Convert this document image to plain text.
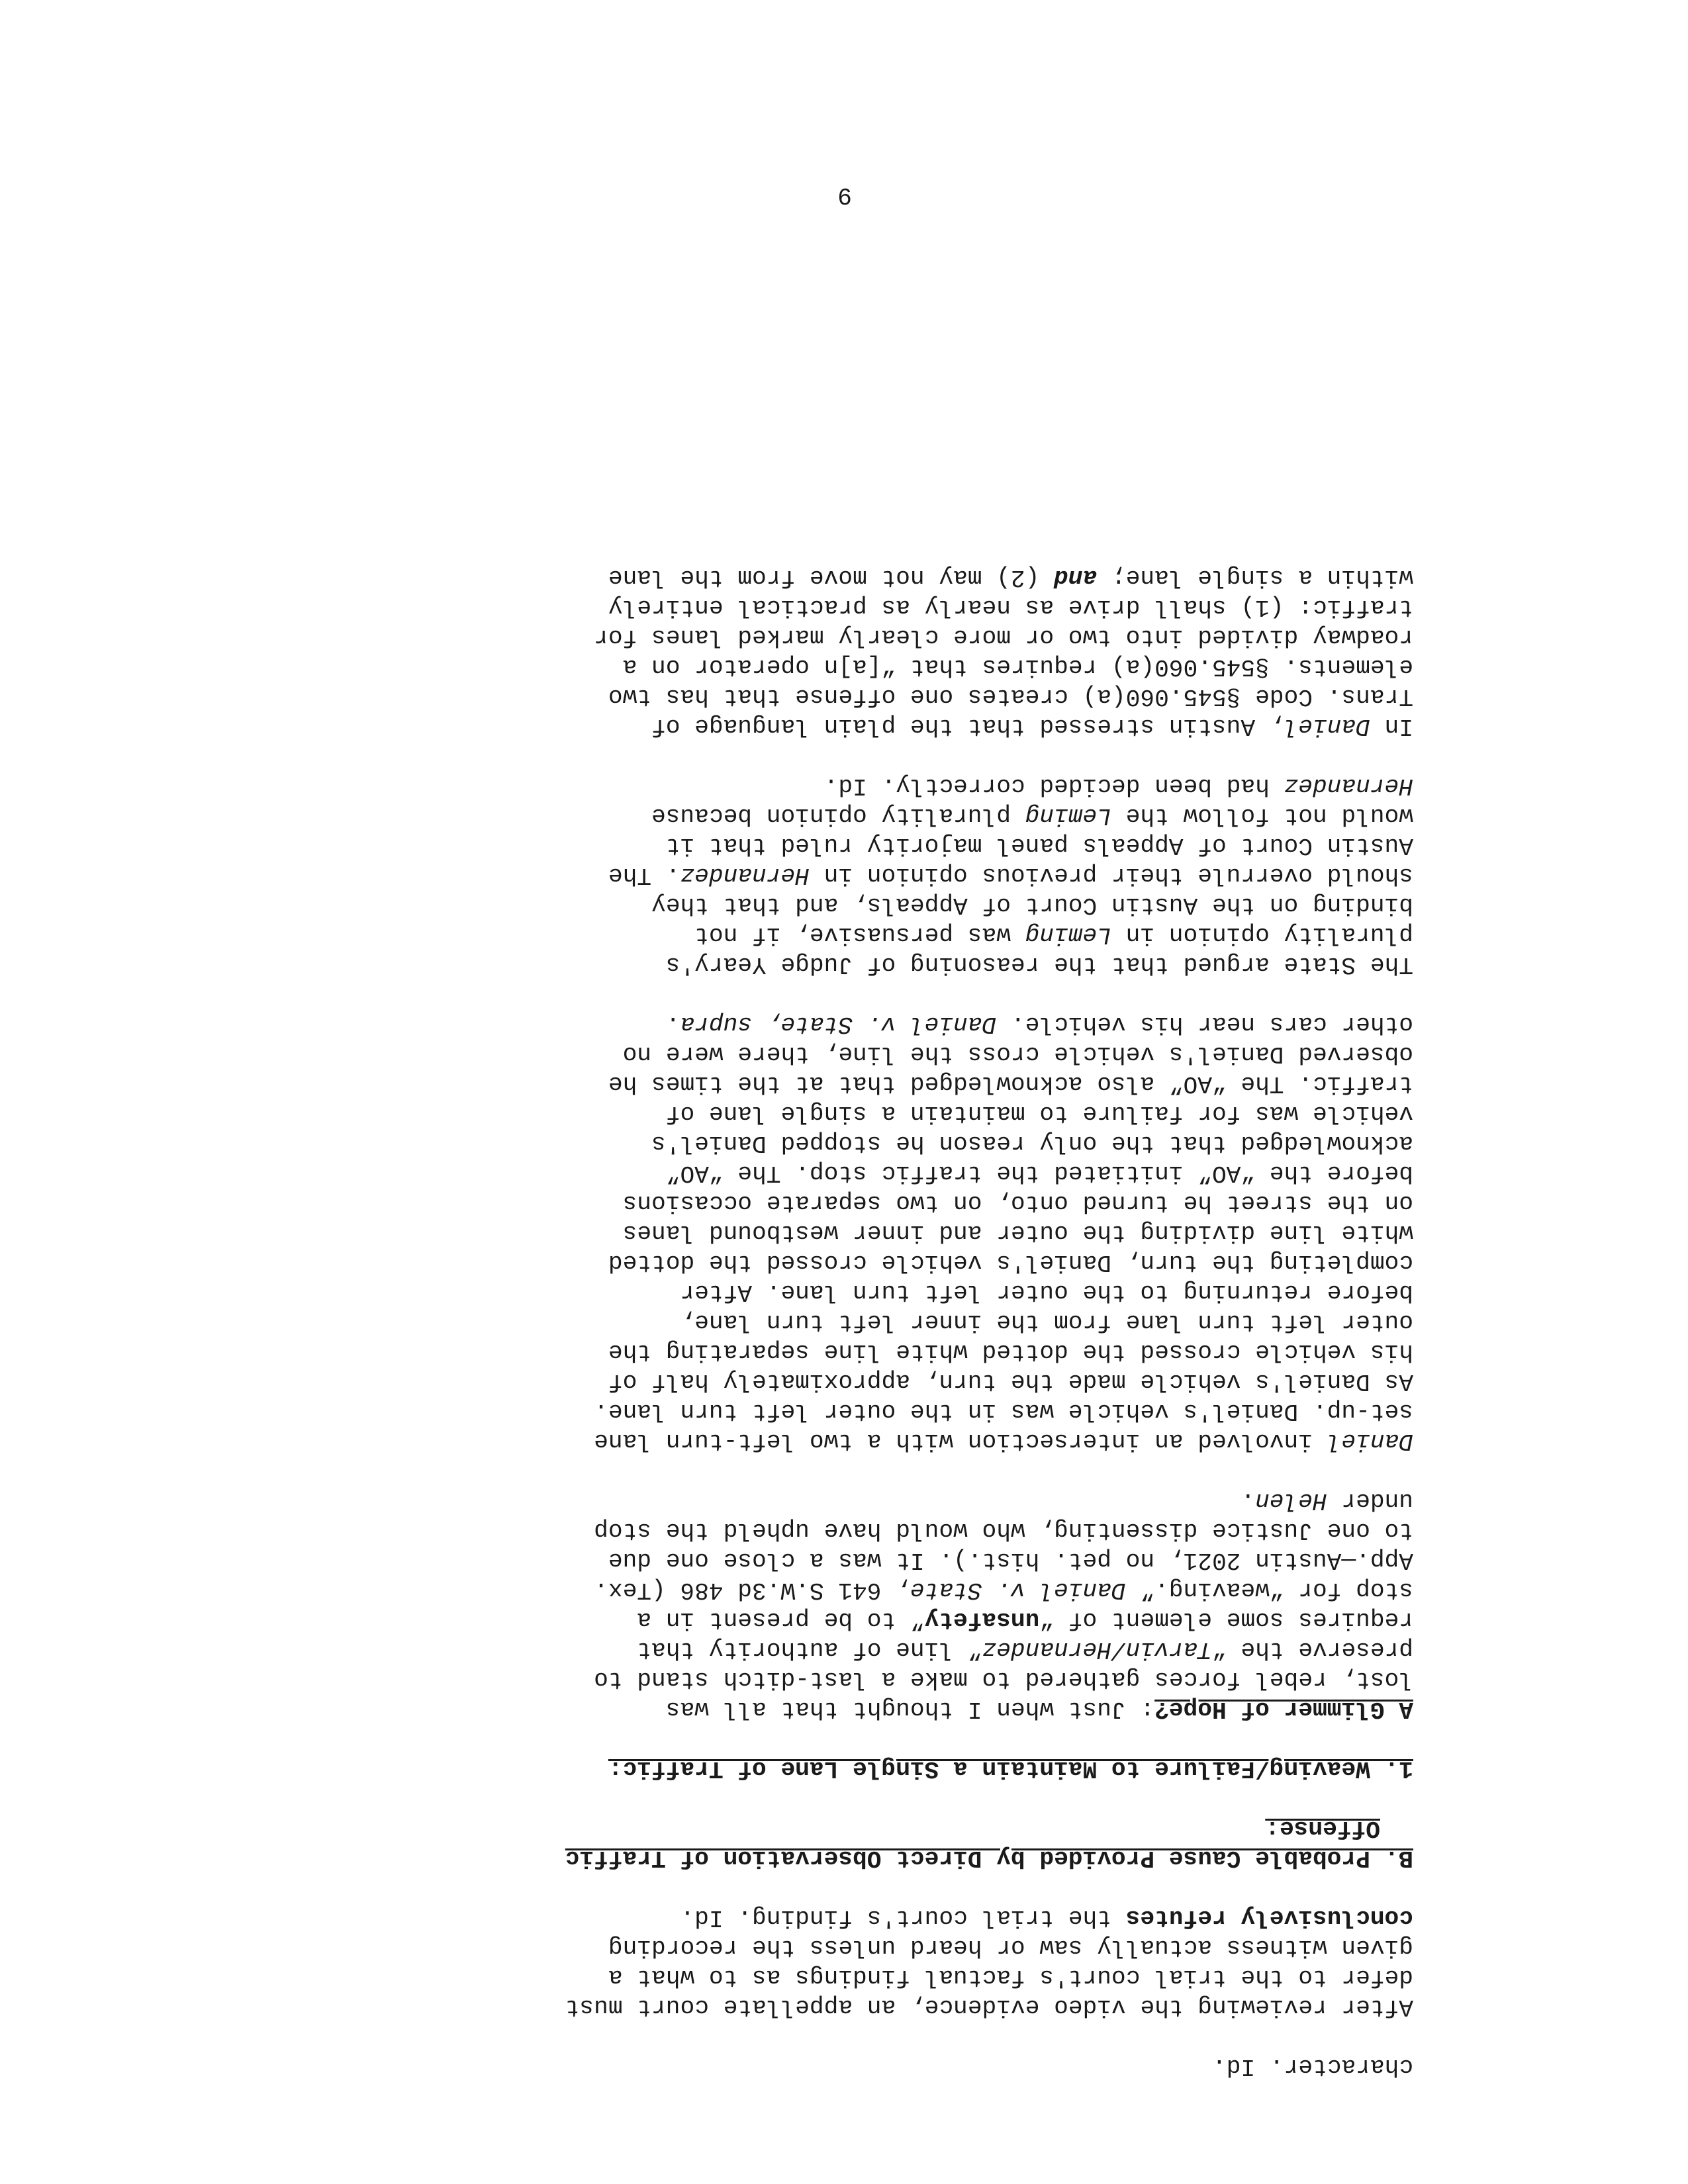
character. Id.
After reviewing the video evidence, an appellate court must
defer to the trial court's factual findings as to what a
given witness actually saw or heard unless the recording
conclusively refutes the trial court's finding. Id.
B. Probable Cause Provided by Direct Observation of Traffic
Offense:
1. Weaving/Failure to Maintain a Single Lane of Traffic:
A Glimmer of Hope?: Just when I thought that all was
lost, rebel forces gathered to make a last-ditch stand to
preserve the “Tarvin/Hernandez” line of authority that
requires some element of “unsafety” to be present in a
stop for “weaving.” Daniel v. State, 641 S.W.3d 486 (Tex.
App.—Austin 2021, no pet. hist.). It was a close one due
to one Justice dissenting, who would have upheld the stop
under Helen.
Daniel involved an intersection with a two left-turn lane
set-up. Daniel's vehicle was in the outer left turn lane.
As Daniel's vehicle made the turn, approximately half of
his vehicle crossed the dotted white line separating the
outer left turn lane from the inner left turn lane,
before returning to the outer left turn lane. After
completing the turn, Daniel's vehicle crossed the dotted
white line dividing the outer and inner westbound lanes
on the street he turned onto, on two separate occasions
before the “AO” initiated the traffic stop. The “AO”
acknowledged that the only reason he stopped Daniel's
vehicle was for failure to maintain a single lane of
traffic. The “AO” also acknowledged that at the times he
observed Daniel's vehicle cross the line, there were no
other cars near his vehicle. Daniel v. State, supra.
The State argued that the reasoning of Judge Yeary's
plurality opinion in Leming was persuasive, if not
binding on the Austin Court of Appeals, and that they
should overrule their previous opinion in Hernandez. The
Austin Court of Appeals panel majority ruled that it
would not follow the Leming plurality opinion because
Hernandez had been decided correctly. Id.
In Daniel, Austin stressed that the plain language of
Trans. Code §545.060(a) creates one offense that has two
elements. §545.060(a) requires that “[a]n operator on a
roadway divided into two or more clearly marked lanes for
traffic: (1) shall drive as nearly as practical entirely
within a single lane; and (2) may not move from the lane
9
